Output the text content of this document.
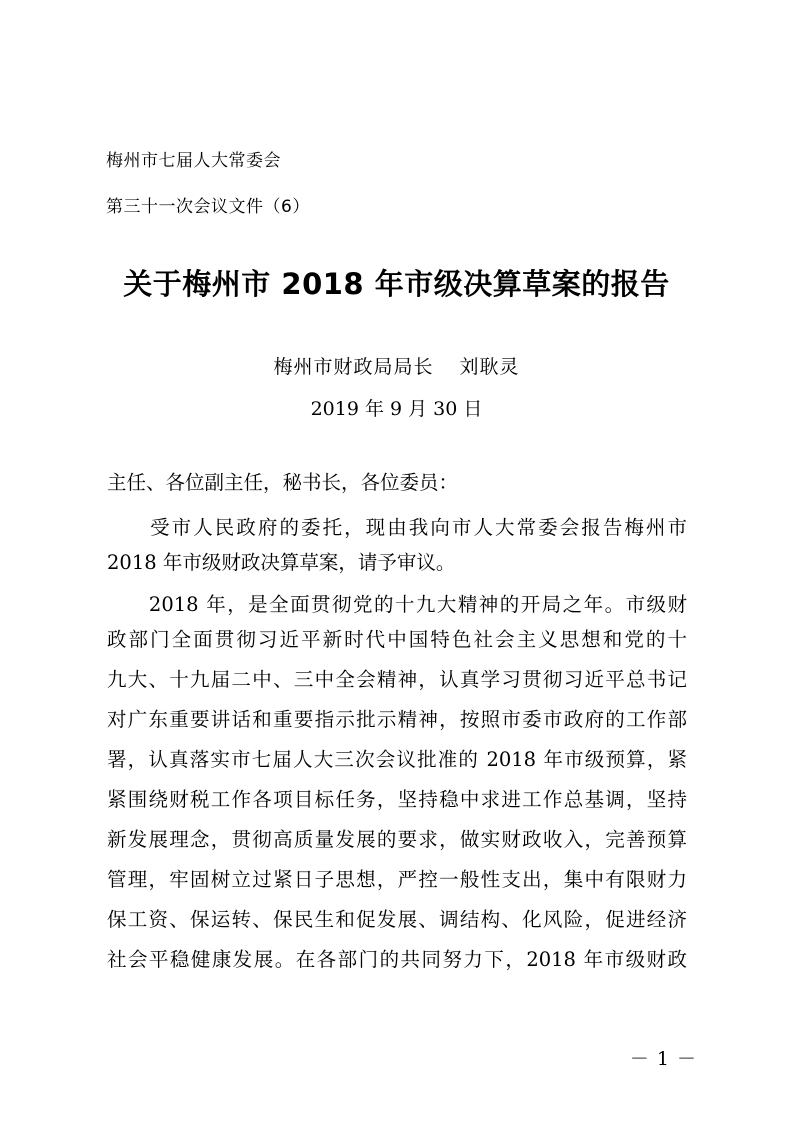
梅州市七届人大常委会
第三十一次会议文件（6）
关于梅州市 2018 年市级决算草案的报告
梅州市财政局局长 刘耿灵
2019 年 9 月 30 日
主任、各位副主任，秘书长，各位委员：
　　受市人民政府的委托，现由我向市人大常委会报告梅州市
2018 年市级财政决算草案，请予审议。
　　2018 年，是全面贯彻党的十九大精神的开局之年。市级财
政部门全面贯彻习近平新时代中国特色社会主义思想和党的十
九大、十九届二中、三中全会精神，认真学习贯彻习近平总书记
对广东重要讲话和重要指示批示精神，按照市委市政府的工作部
署，认真落实市七届人大三次会议批准的 2018 年市级预算，紧
紧围绕财税工作各项目标任务，坚持稳中求进工作总基调，坚持
新发展理念，贯彻高质量发展的要求，做实财政收入，完善预算
管理，牢固树立过紧日子思想，严控一般性支出，集中有限财力
保工资、保运转、保民生和促发展、调结构、化风险，促进经济
社会平稳健康发展。在各部门的共同努力下，2018 年市级财政
－ 1 －
